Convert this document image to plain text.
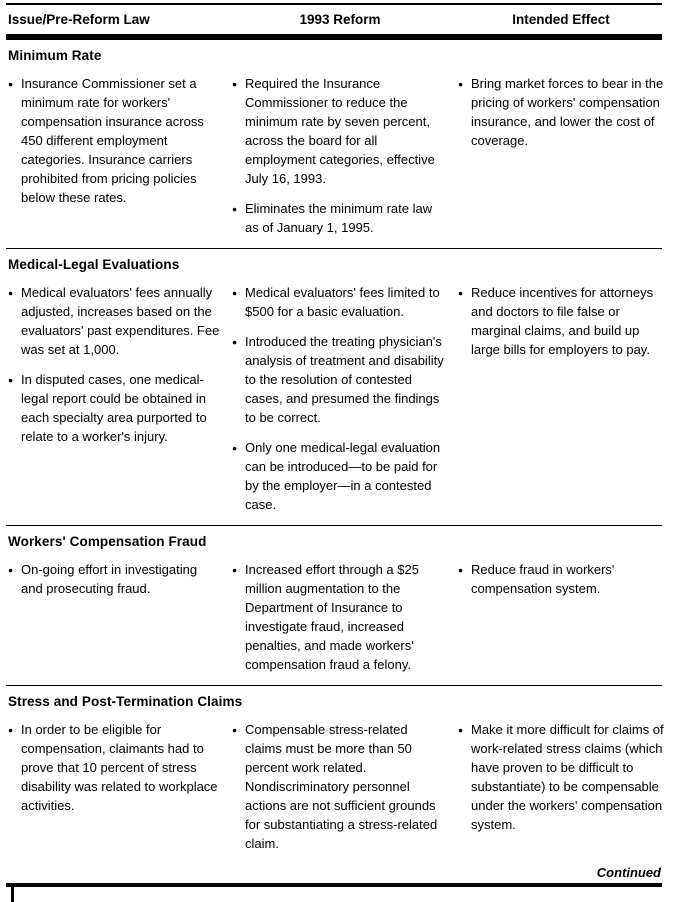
Issue/Pre-Reform Law	1993 Reform	Intended Effect
Minimum Rate
● Insurance Commissioner set a minimum rate for workers' compensation insurance across 450 different employment categories. Insurance carriers prohibited from pricing policies below these rates.
● Required the Insurance Commissioner to reduce the minimum rate by seven percent, across the board for all employment categories, effective July 16, 1993.
● Eliminates the minimum rate law as of January 1, 1995.
● Bring market forces to bear in the pricing of workers' compensation insurance, and lower the cost of coverage.
Medical-Legal Evaluations
● Medical evaluators' fees annually adjusted, increases based on the evaluators' past expenditures. Fee was set at 1,000.
● In disputed cases, one medical-legal report could be obtained in each specialty area purported to relate to a worker's injury.
● Medical evaluators' fees limited to $500 for a basic evaluation.
● Introduced the treating physician's analysis of treatment and disability to the resolution of contested cases, and presumed the findings to be correct.
● Only one medical-legal evaluation can be introduced—to be paid for by the employer—in a contested case.
● Reduce incentives for attorneys and doctors to file false or marginal claims, and build up large bills for employers to pay.
Workers' Compensation Fraud
● On-going effort in investigating and prosecuting fraud.
● Increased effort through a $25 million augmentation to the Department of Insurance to investigate fraud, increased penalties, and made workers' compensation fraud a felony.
● Reduce fraud in workers' compensation system.
Stress and Post-Termination Claims
● In order to be eligible for compensation, claimants had to prove that 10 percent of stress disability was related to workplace activities.
● Compensable stress-related claims must be more than 50 percent work related. Nondiscriminatory personnel actions are not sufficient grounds for substantiating a stress-related claim.
● Make it more difficult for claims of work-related stress claims (which have proven to be difficult to substantiate) to be compensable under the workers' compensation system.
Continued
